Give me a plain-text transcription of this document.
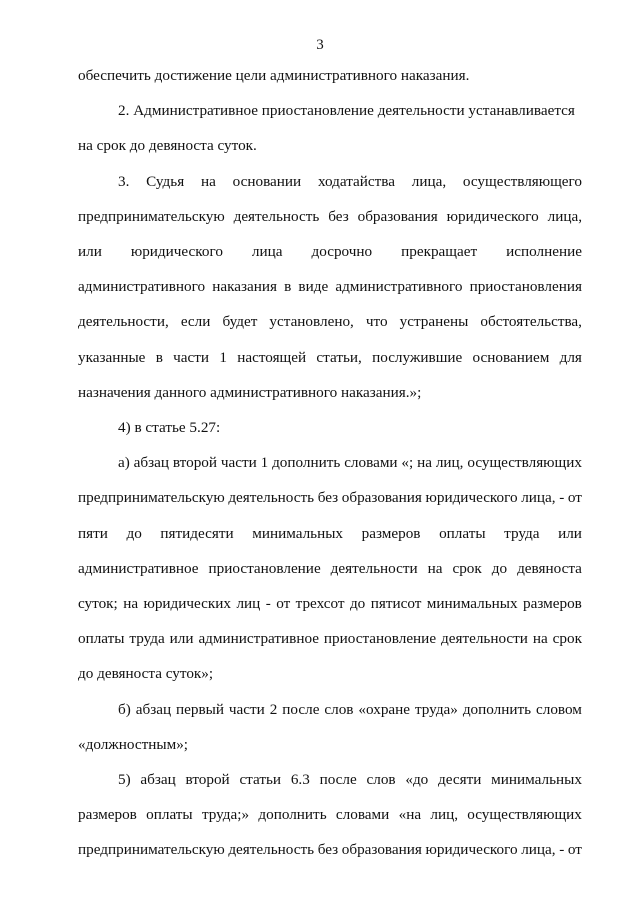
3

обеспечить достижение цели административного наказания.

2. Административное приостановление деятельности устанавливается
на срок до девяноста суток.

3. Судья на основании ходатайства лица, осуществляющего
предпринимательскую деятельность без образования юридического лица,
или юридического лица досрочно прекращает исполнение
административного наказания в виде административного приостановления
деятельности, если будет установлено, что устранены обстоятельства,
указанные в части 1 настоящей статьи, послужившие основанием для
назначения данного административного наказания.»;

4) в статье 5.27:

а) абзац второй части 1 дополнить словами «; на лиц, осуществляющих
предпринимательскую деятельность без образования юридического лица, - от
пяти до пятидесяти минимальных размеров оплаты труда или
административное приостановление деятельности на срок до девяноста
суток; на юридических лиц - от трехсот до пятисот минимальных размеров
оплаты труда или административное приостановление деятельности на срок
до девяноста суток»;

б) абзац первый части 2 после слов «охране труда» дополнить словом
«должностным»;

5) абзац второй статьи 6.3 после слов «до десяти минимальных
размеров оплаты труда;» дополнить словами «на лиц, осуществляющих
предпринимательскую деятельность без образования юридического лица, - от
